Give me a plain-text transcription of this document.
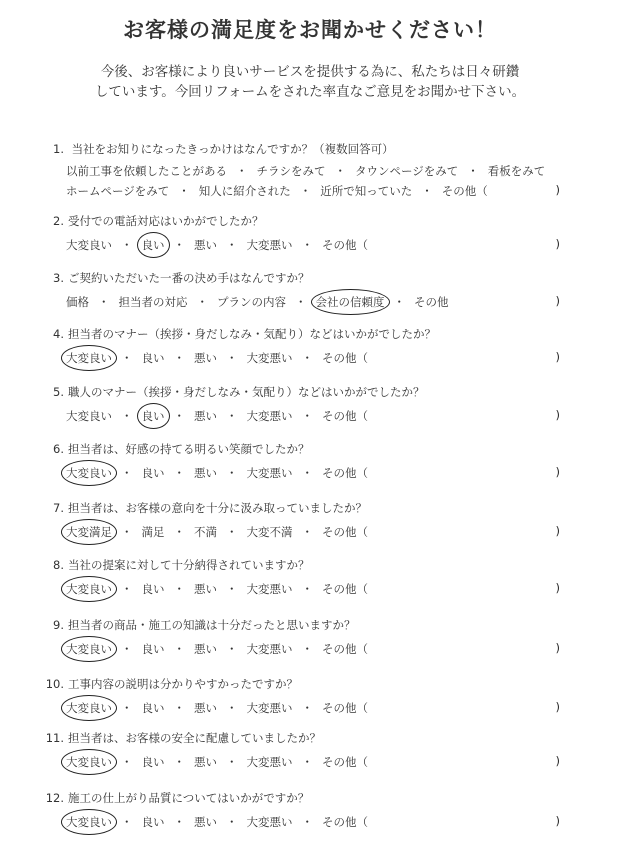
お客様の満足度をお聞かせください！
今後、お客様により良いサービスを提供する為に、私たちは日々研鑽
しています。今回リフォームをされた率直なご意見をお聞かせ下さい。
1. 当社をお知りになったきっかけはなんですか？（複数回答可）
以前工事を依頼したことがある ・ チラシをみて ・ タウンページをみて ・ 看板をみて
ホームページをみて ・ 知人に紹介された ・ 近所で知っていた ・ その他（	)
2. 受付での電話対応はいかがでしたか？
大変良い ・ 良い ・ 悪い ・ 大変悪い ・ その他（	)
3. ご契約いただいた一番の決め手はなんですか？
価格 ・ 担当者の対応 ・ プランの内容 ・ 会社の信頼度 ・ その他	)
4. 担当者のマナー（挨拶・身だしなみ・気配り）などはいかがでしたか？
大変良い ・ 良い ・ 悪い ・ 大変悪い ・ その他（	)
5. 職人のマナー（挨拶・身だしなみ・気配り）などはいかがでしたか？
大変良い ・ 良い ・ 悪い ・ 大変悪い ・ その他（	)
6. 担当者は、好感の持てる明るい笑顔でしたか？
大変良い ・ 良い ・ 悪い ・ 大変悪い ・ その他（	)
7. 担当者は、お客様の意向を十分に汲み取っていましたか？
大変満足 ・ 満足 ・ 不満 ・ 大変不満 ・ その他（	)
8. 当社の提案に対して十分納得されていますか？
大変良い ・ 良い ・ 悪い ・ 大変悪い ・ その他（	)
9. 担当者の商品・施工の知識は十分だったと思いますか？
大変良い ・ 良い ・ 悪い ・ 大変悪い ・ その他（	)
10. 工事内容の説明は分かりやすかったですか？
大変良い ・ 良い ・ 悪い ・ 大変悪い ・ その他（	)
11. 担当者は、お客様の安全に配慮していましたか？
大変良い ・ 良い ・ 悪い ・ 大変悪い ・ その他（	)
12. 施工の仕上がり品質についてはいかがですか？
大変良い ・ 良い ・ 悪い ・ 大変悪い ・ その他（	)
